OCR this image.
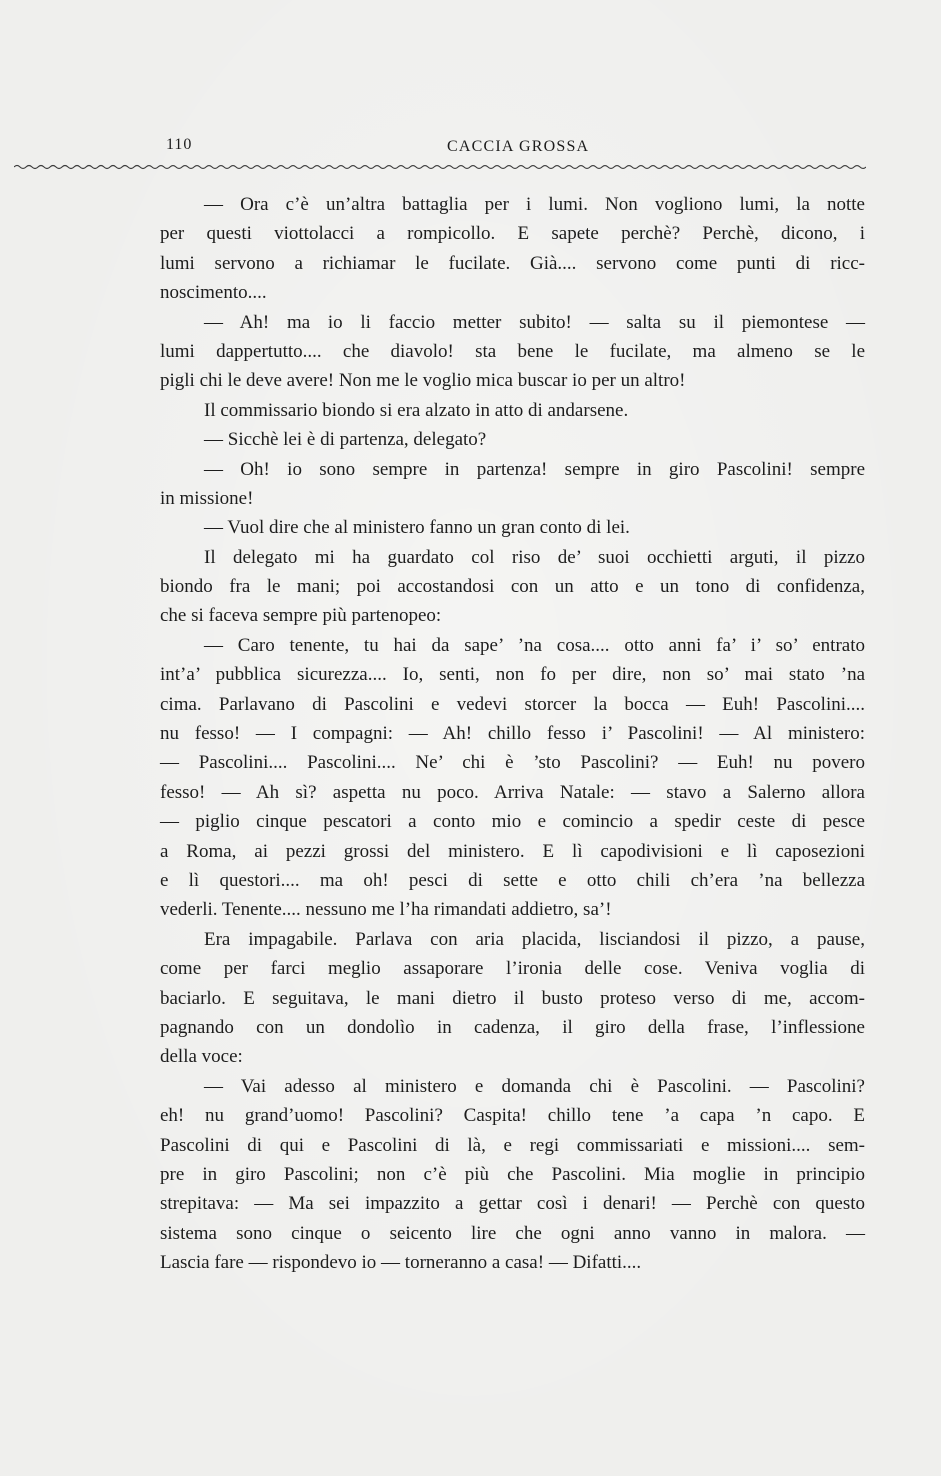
110	CACCIA GROSSA
— Ora c’è un’altra battaglia per i lumi. Non vogliono lumi, la notte
per questi viottolacci a rompicollo. E sapete perchè? Perchè, dicono, i
lumi servono a richiamar le fucilate. Già.... servono come punti di ricc-
noscimento....
— Ah! ma io li faccio metter subito! — salta su il piemontese —
lumi dappertutto.... che diavolo! sta bene le fucilate, ma almeno se le
pigli chi le deve avere! Non me le voglio mica buscar io per un altro!
Il commissario biondo si era alzato in atto di andarsene.
— Sicchè lei è di partenza, delegato?
— Oh! io sono sempre in partenza! sempre in giro Pascolini! sempre
in missione!
— Vuol dire che al ministero fanno un gran conto di lei.
Il delegato mi ha guardato col riso de’ suoi occhietti arguti, il pizzo
biondo fra le mani; poi accostandosi con un atto e un tono di confidenza,
che si faceva sempre più partenopeo:
— Caro tenente, tu hai da sape’ ’na cosa.... otto anni fa’ i’ so’ entrato
int’a’ pubblica sicurezza.... Io, senti, non fo per dire, non so’ mai stato ’na
cima. Parlavano di Pascolini e vedevi storcer la bocca — Euh! Pascolini....
nu fesso! — I compagni: — Ah! chillo fesso i’ Pascolini! — Al ministero:
— Pascolini.... Pascolini.... Ne’ chi è ’sto Pascolini? — Euh! nu povero
fesso! — Ah sì? aspetta nu poco. Arriva Natale: — stavo a Salerno allora
— piglio cinque pescatori a conto mio e comincio a spedir ceste di pesce
a Roma, ai pezzi grossi del ministero. E lì capodivisioni e lì caposezioni
e lì questori.... ma oh! pesci di sette e otto chili ch’era ’na bellezza
vederli. Tenente.... nessuno me l’ha rimandati addietro, sa’!
Era impagabile. Parlava con aria placida, lisciandosi il pizzo, a pause,
come per farci meglio assaporare l’ironia delle cose. Veniva voglia di
baciarlo. E seguitava, le mani dietro il busto proteso verso di me, accom-
pagnando con un dondolìo in cadenza, il giro della frase, l’inflessione
della voce:
— Vai adesso al ministero e domanda chi è Pascolini. — Pascolini?
eh! nu grand’uomo! Pascolini? Caspita! chillo tene ’a capa ’n capo. E
Pascolini di qui e Pascolini di là, e regi commissariati e missioni.... sem-
pre in giro Pascolini; non c’è più che Pascolini. Mia moglie in principio
strepitava: — Ma sei impazzito a gettar così i denari! — Perchè con questo
sistema sono cinque o seicento lire che ogni anno vanno in malora. —
Lascia fare — rispondevo io — torneranno a casa! — Difatti....
